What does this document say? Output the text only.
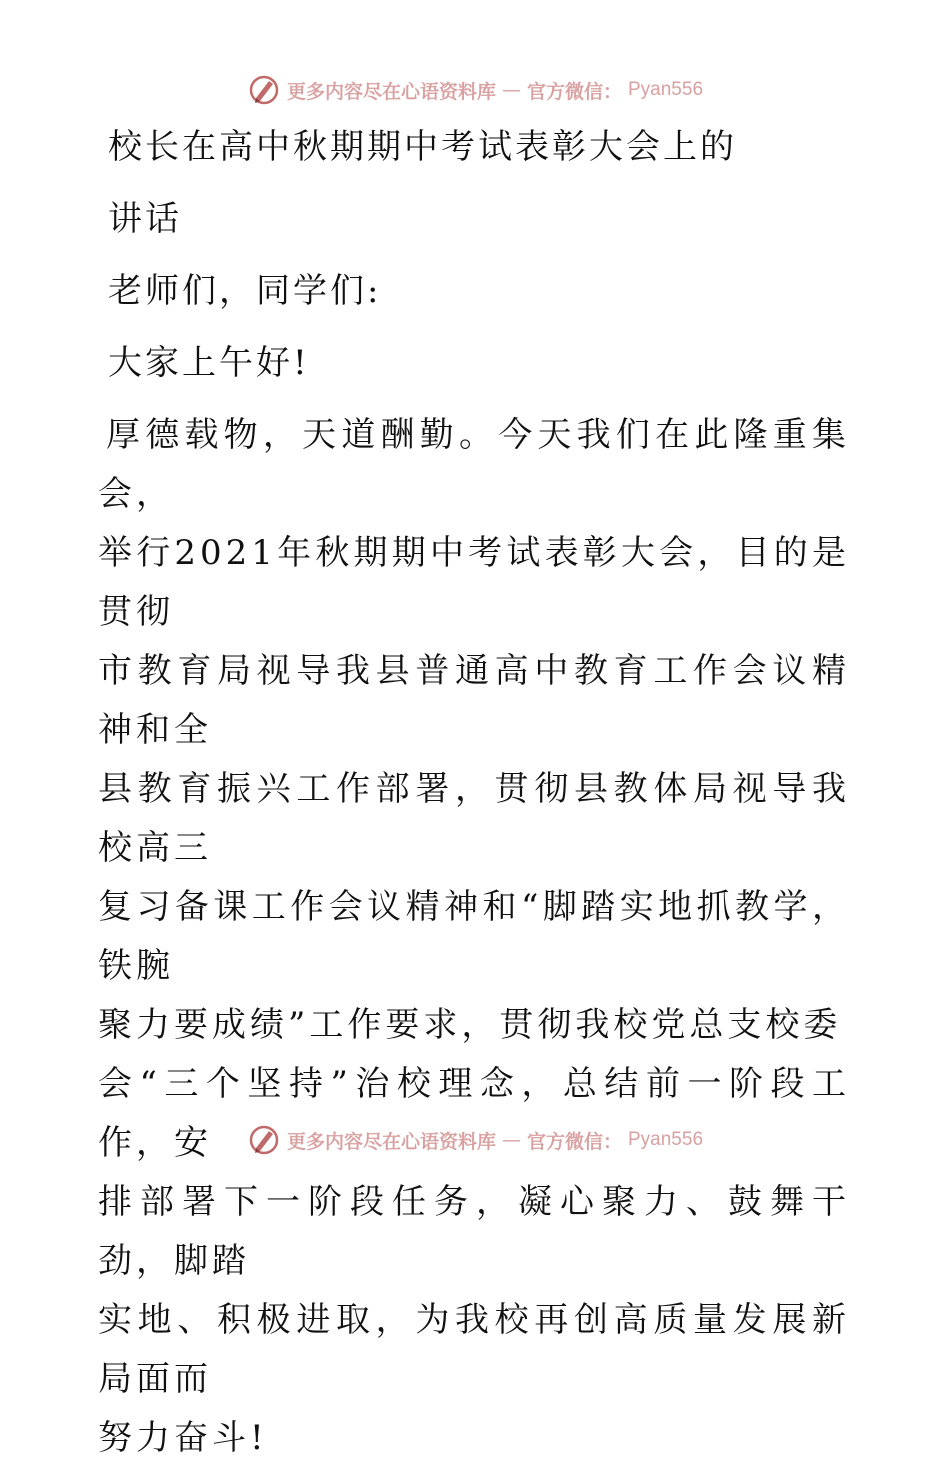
更多内容尽在心语资料库 — 官方微信： Pyan556

校长在高中秋期期中考试表彰大会上的

讲话

老师们，同学们:

大家上午好!

厚德载物，天道酬勤。今天我们在此隆重集会，
举行2021年秋期期中考试表彰大会，目的是贯彻
市教育局视导我县普通高中教育工作会议精神和全
县教育振兴工作部署，贯彻县教体局视导我校高三
复习备课工作会议精神和“脚踏实地抓教学，铁腕
聚力要成绩”工作要求，贯彻我校党总支校委
会“三个坚持”治校理念，总结前一阶段工作，安
排部署下一阶段任务，凝心聚力、鼓舞干劲，脚踏
实地、积极进取，为我校再创高质量发展新局面而
努力奋斗!
更多内容尽在心语资料库 — 官方微信： Pyan556
